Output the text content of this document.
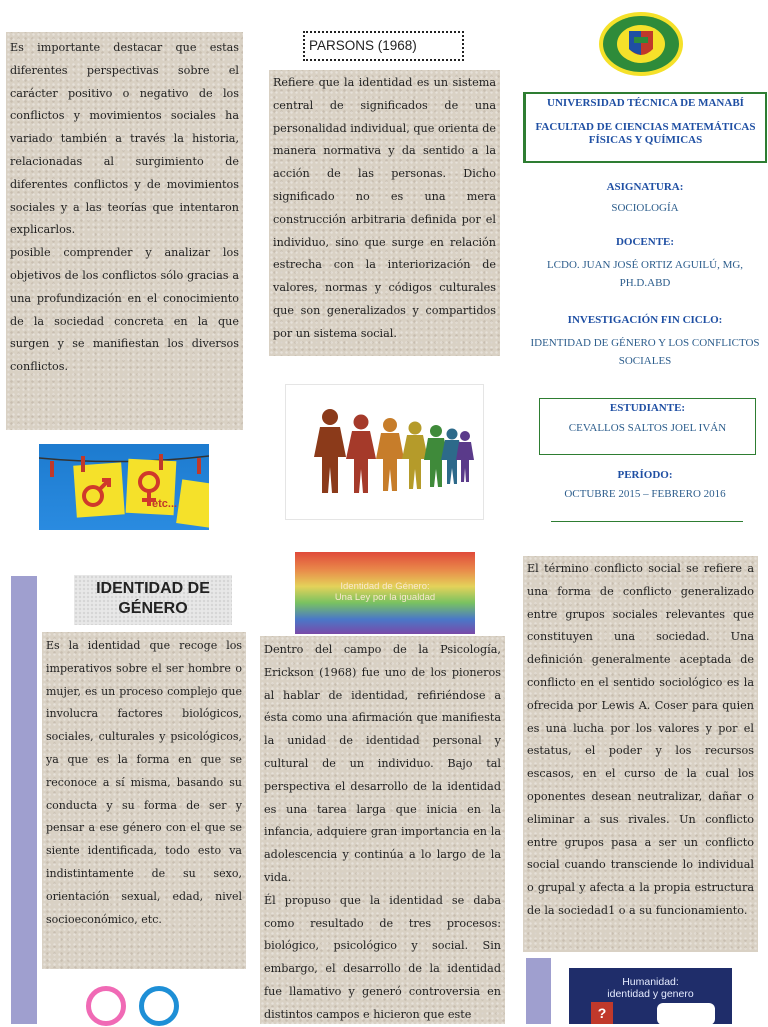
Es importante destacar que estas diferentes perspectivas sobre el carácter positivo o negativo de los conflictos y movimientos sociales ha variado también a través la historia, relacionadas al surgimiento de diferentes conflictos y de movimientos sociales y a las teorías que intentaron explicarlos.

posible comprender y analizar los objetivos de los conflictos sólo gracias a una profundización en el conocimiento de la sociedad concreta en la que surgen y se manifiestan los diversos conflictos.

etc...
PARSONS (1968)

Refiere que la identidad es un sistema central de significados de una personalidad individual, que orienta de manera normativa y da sentido a la acción de las personas. Dicho significado no es una mera construcción arbitraria definida por el individuo, sino que surge en relación estrecha con la interiorización de valores, normas y códigos culturales que son generalizados y compartidos por un sistema social.

UNIVERSIDAD TÉCNICA DE MANABÍ
FACULTAD DE CIENCIAS MATEMÁTICAS FÍSICAS Y QUÍMICAS
ASIGNATURA:
SOCIOLOGÍA
DOCENTE:
LCDO. JUAN JOSÉ ORTIZ AGUILÚ, MG, PH.D.ABD
INVESTIGACIÓN FIN CICLO:
IDENTIDAD DE GÉNERO Y LOS CONFLICTOS SOCIALES
ESTUDIANTE:
CEVALLOS SALTOS JOEL IVÁN
PERÍODO:
OCTUBRE 2015 – FEBRERO 2016
IDENTIDAD DE
GÉNERO

Es la identidad que recoge los imperativos sobre el ser hombre o mujer, es un proceso complejo que involucra factores biológicos, sociales, culturales y psicológicos, ya que es la forma en que se reconoce a sí misma, basando su conducta y su forma de ser y pensar a ese género con el que se siente identificada, todo esto va indistintamente de su sexo, orientación sexual, edad, nivel socioeconómico, etc.

Identidad de Género:
Una Ley por la igualdad

Dentro del campo de la Psicología, Erickson (1968) fue uno de los pioneros al hablar de identidad, refiriéndose a ésta como una afirmación que manifiesta la unidad de identidad personal y cultural de un individuo. Bajo tal perspectiva el desarrollo de la identidad es una tarea larga que inicia en la infancia, adquiere gran importancia en la adolescencia y continúa a lo largo de la vida.

Él propuso que la identidad se daba como resultado de tres procesos: biológico, psicológico y social. Sin embargo, el desarrollo de la identidad fue llamativo y generó controversia en distintos campos e hicieron que este

El término conflicto social se refiere a una forma de conflicto generalizado entre grupos sociales relevantes que constituyen una sociedad. Una definición generalmente aceptada de conflicto en el sentido sociológico es la ofrecida por Lewis A. Coser para quien es una lucha por los valores y por el estatus, el poder y los recursos escasos, en el curso de la cual los oponentes desean neutralizar, dañar o eliminar a sus rivales. Un conflicto entre grupos pasa a ser un conflicto social cuando transciende lo individual o grupal y afecta a la propia estructura de la sociedad1 o a su funcionamiento.

Humanidad:
identidad y genero
?
